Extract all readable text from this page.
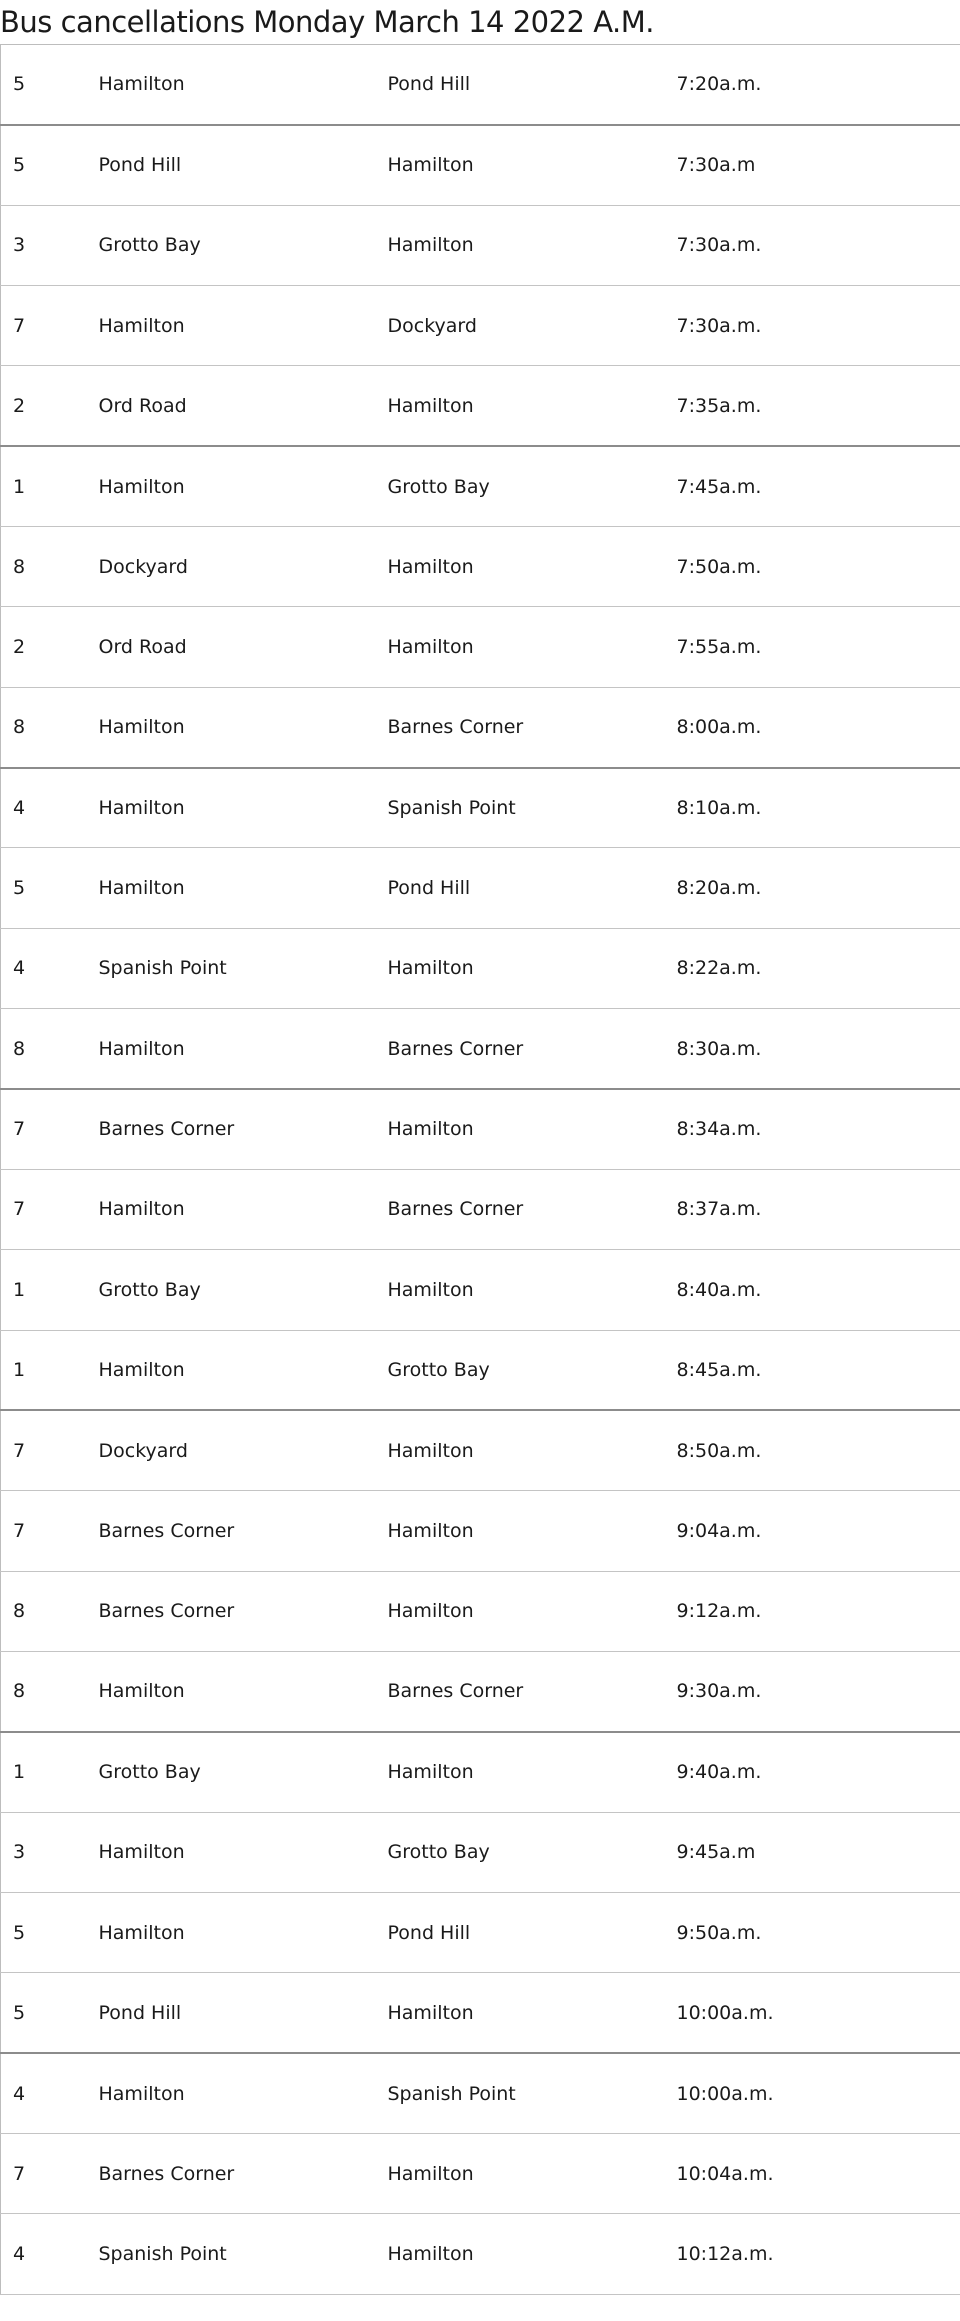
Bus cancellations Monday March 14 2022 A.M.
5	Hamilton	Pond Hill	7:20a.m.
5	Pond Hill	Hamilton	7:30a.m
3	Grotto Bay	Hamilton	7:30a.m.
7	Hamilton	Dockyard	7:30a.m.
2	Ord Road	Hamilton	7:35a.m.
1	Hamilton	Grotto Bay	7:45a.m.
8	Dockyard	Hamilton	7:50a.m.
2	Ord Road	Hamilton	7:55a.m.
8	Hamilton	Barnes Corner	8:00a.m.
4	Hamilton	Spanish Point	8:10a.m.
5	Hamilton	Pond Hill	8:20a.m.
4	Spanish Point	Hamilton	8:22a.m.
8	Hamilton	Barnes Corner	8:30a.m.
7	Barnes Corner	Hamilton	8:34a.m.
7	Hamilton	Barnes Corner	8:37a.m.
1	Grotto Bay	Hamilton	8:40a.m.
1	Hamilton	Grotto Bay	8:45a.m.
7	Dockyard	Hamilton	8:50a.m.
7	Barnes Corner	Hamilton	9:04a.m.
8	Barnes Corner	Hamilton	9:12a.m.
8	Hamilton	Barnes Corner	9:30a.m.
1	Grotto Bay	Hamilton	9:40a.m.
3	Hamilton	Grotto Bay	9:45a.m
5	Hamilton	Pond Hill	9:50a.m.
5	Pond Hill	Hamilton	10:00a.m.
4	Hamilton	Spanish Point	10:00a.m.
7	Barnes Corner	Hamilton	10:04a.m.
4	Spanish Point	Hamilton	10:12a.m.
